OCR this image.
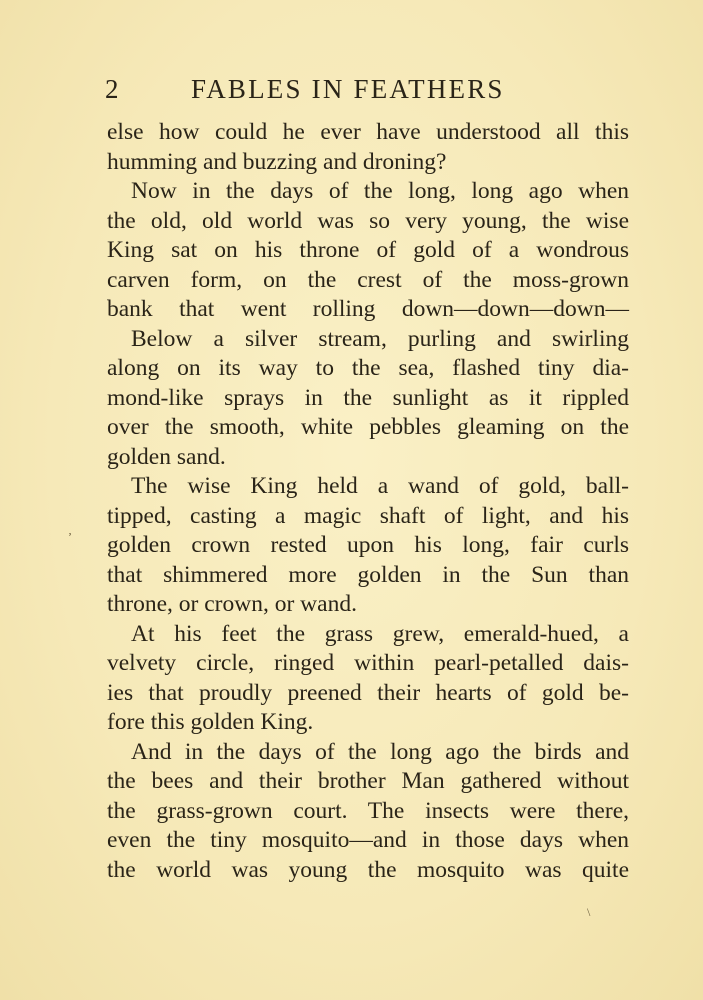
2	FABLES IN FEATHERS
else how could he ever have understood all this
humming and buzzing and droning?
Now in the days of the long, long ago when
the old, old world was so very young, the wise
King sat on his throne of gold of a wondrous
carven form, on the crest of the moss-grown
bank that went rolling down—down—down—
Below a silver stream, purling and swirling
along on its way to the sea, flashed tiny dia-
mond-like sprays in the sunlight as it rippled
over the smooth, white pebbles gleaming on the
golden sand.
The wise King held a wand of gold, ball-
tipped, casting a magic shaft of light, and his
golden crown rested upon his long, fair curls
that shimmered more golden in the Sun than
throne, or crown, or wand.
At his feet the grass grew, emerald-hued, a
velvety circle, ringed within pearl-petalled dais-
ies that proudly preened their hearts of gold be-
fore this golden King.
And in the days of the long ago the birds and
the bees and their brother Man gathered without
the grass-grown court. The insects were there,
even the tiny mosquito—and in those days when
the world was young the mosquito was quite
ʼ
\
